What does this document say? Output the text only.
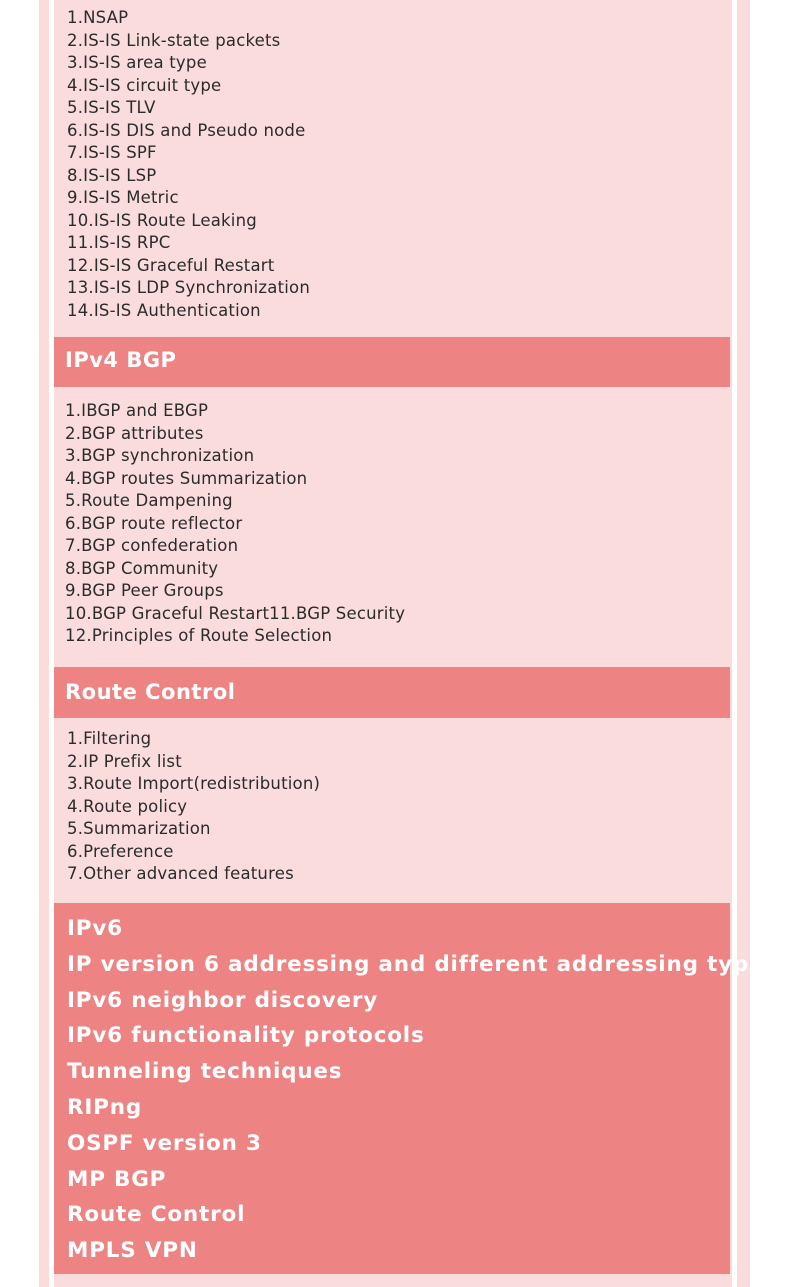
1.NSAP
2.IS-IS Link-state packets
3.IS-IS area type
4.IS-IS circuit type
5.IS-IS TLV
6.IS-IS DIS and Pseudo node
7.IS-IS SPF
8.IS-IS LSP
9.IS-IS Metric
10.IS-IS Route Leaking
11.IS-IS RPC
12.IS-IS Graceful Restart
13.IS-IS LDP Synchronization
14.IS-IS Authentication
IPv4 BGP
1.IBGP and EBGP
2.BGP attributes
3.BGP synchronization
4.BGP routes Summarization
5.Route Dampening
6.BGP route reflector
7.BGP confederation
8.BGP Community
9.BGP Peer Groups
10.BGP Graceful Restart11.BGP Security
12.Principles of Route Selection
Route Control
1.Filtering
2.IP Prefix list
3.Route Import(redistribution)
4.Route policy
5.Summarization
6.Preference
7.Other advanced features
IPv6
IP version 6 addressing and different addressing types
IPv6 neighbor discovery
IPv6 functionality protocols
Tunneling techniques
RIPng
OSPF version 3
MP BGP
Route Control
MPLS VPN
